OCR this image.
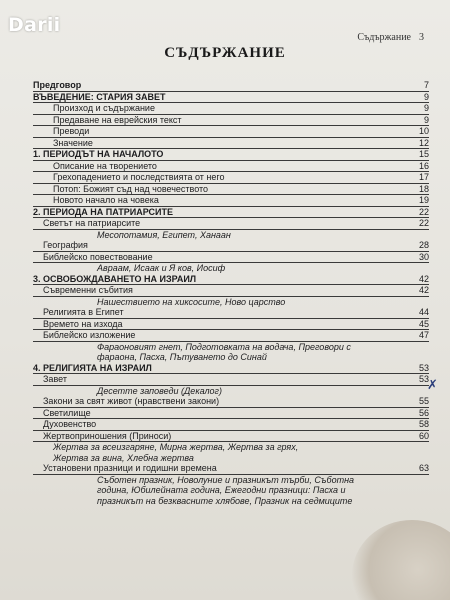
Darii
Съдържание 3
СЪДЪРЖАНИЕ
Предговор	7
ВЪВЕДЕНИЕ: СТАРИЯ ЗАВЕТ	9
Произход и съдържание	9
Предаване на еврейския текст	9
Преводи	10
Значение	12
1. ПЕРИОДЪТ НА НАЧАЛОТО	15
Описание на творението	16
Грехопадението и последствията от него	17
Потоп: Божият съд над човечеството	18
Новото начало на човека	19
2. ПЕРИОДА НА ПАТРИАРСИТЕ	22
Светът на патриарсите	22
Месопотамия, Египет, Ханаан
География	28
Библейско повествование	30
Авраам, Исаак и Я ков, Иосиф
3. ОСВОБОЖДАВАНЕТО НА ИЗРАИЛ	42
Съвременни събития	42
Нашествието на хиксосите, Ново царство
Религията в Египет	44
Времето на изхода	45
Библейско изложение	47
Фараоновият гнет, Подготовката на водача, Преговори с
фараона, Пасха, Пътуването до Синай
4. РЕЛИГИЯТА НА ИЗРАИЛ	53
Завет	53
Десетте заповеди (Декалог)
Закони за свят живот (нравствени закони)	55
Светилище	56
Духовенство	58
Жертвоприношения (Приноси)	60
Жертва за всеизгаряне, Мирна жертва, Жертва за грях,
Жертва за вина, Хлебна жертва
Установени празници и годишни времена	63
Съботен празник, Новолуние и празникът търби, Съботна
година, Юбилейната година, Ежегодни празници: Пасха и
празникът на безквасните хлябове, Празник на седмиците
✗
